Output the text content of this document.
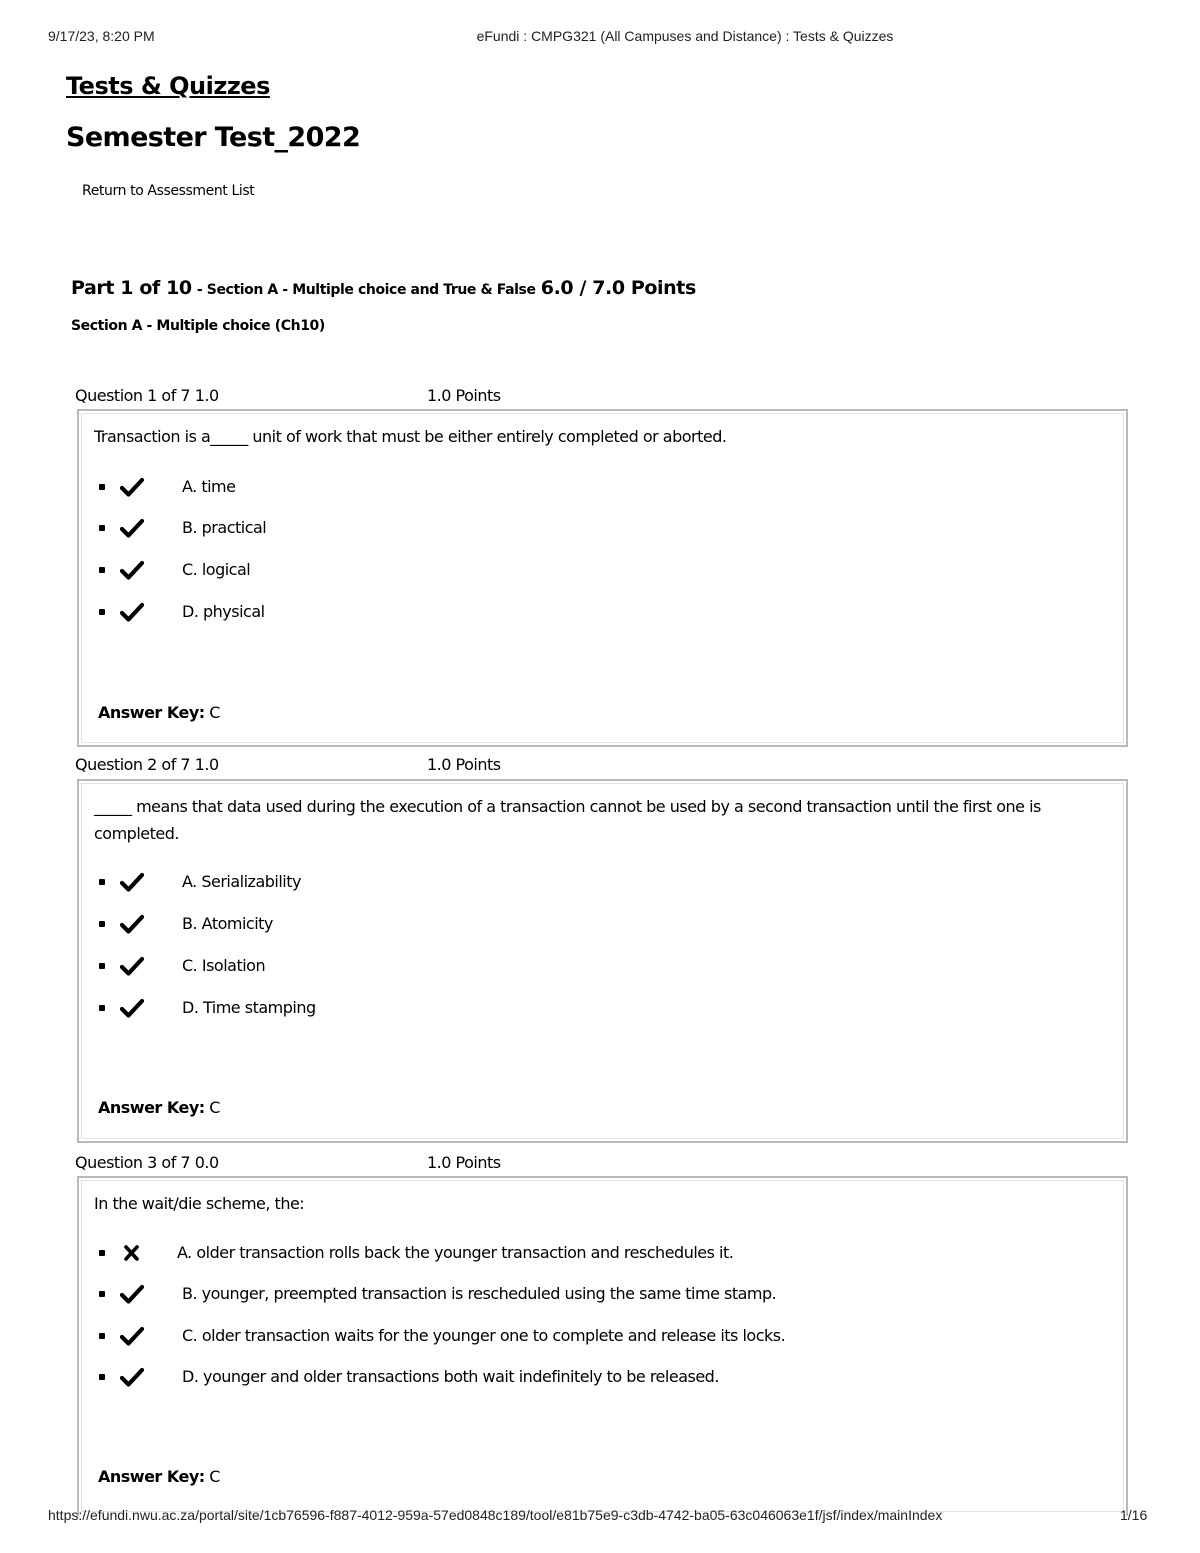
9/17/23, 8:20 PM	eFundi : CMPG321 (All Campuses and Distance) : Tests & Quizzes
Tests & Quizzes
Semester Test_2022
Return to Assessment List
Part 1 of 10 - Section A - Multiple choice and True & False 6.0 / 7.0 Points
Section A - Multiple choice (Ch10)
Question 1 of 7 1.0	1.0 Points
Transaction is a_____ unit of work that must be either entirely completed or aborted.
A. time
B. practical
C. logical
D. physical
Answer Key: C
Question 2 of 7 1.0	1.0 Points
_____ means that data used during the execution of a transaction cannot be used by a second transaction until the first one is completed.
A. Serializability
B. Atomicity
C. Isolation
D. Time stamping
Answer Key: C
Question 3 of 7 0.0	1.0 Points
In the wait/die scheme, the:
A. older transaction rolls back the younger transaction and reschedules it.
B. younger, preempted transaction is rescheduled using the same time stamp.
C. older transaction waits for the younger one to complete and release its locks.
D. younger and older transactions both wait indefinitely to be released.
Answer Key: C
https://efundi.nwu.ac.za/portal/site/1cb76596-f887-4012-959a-57ed0848c189/tool/e81b75e9-c3db-4742-ba05-63c046063e1f/jsf/index/mainIndex	1/16
